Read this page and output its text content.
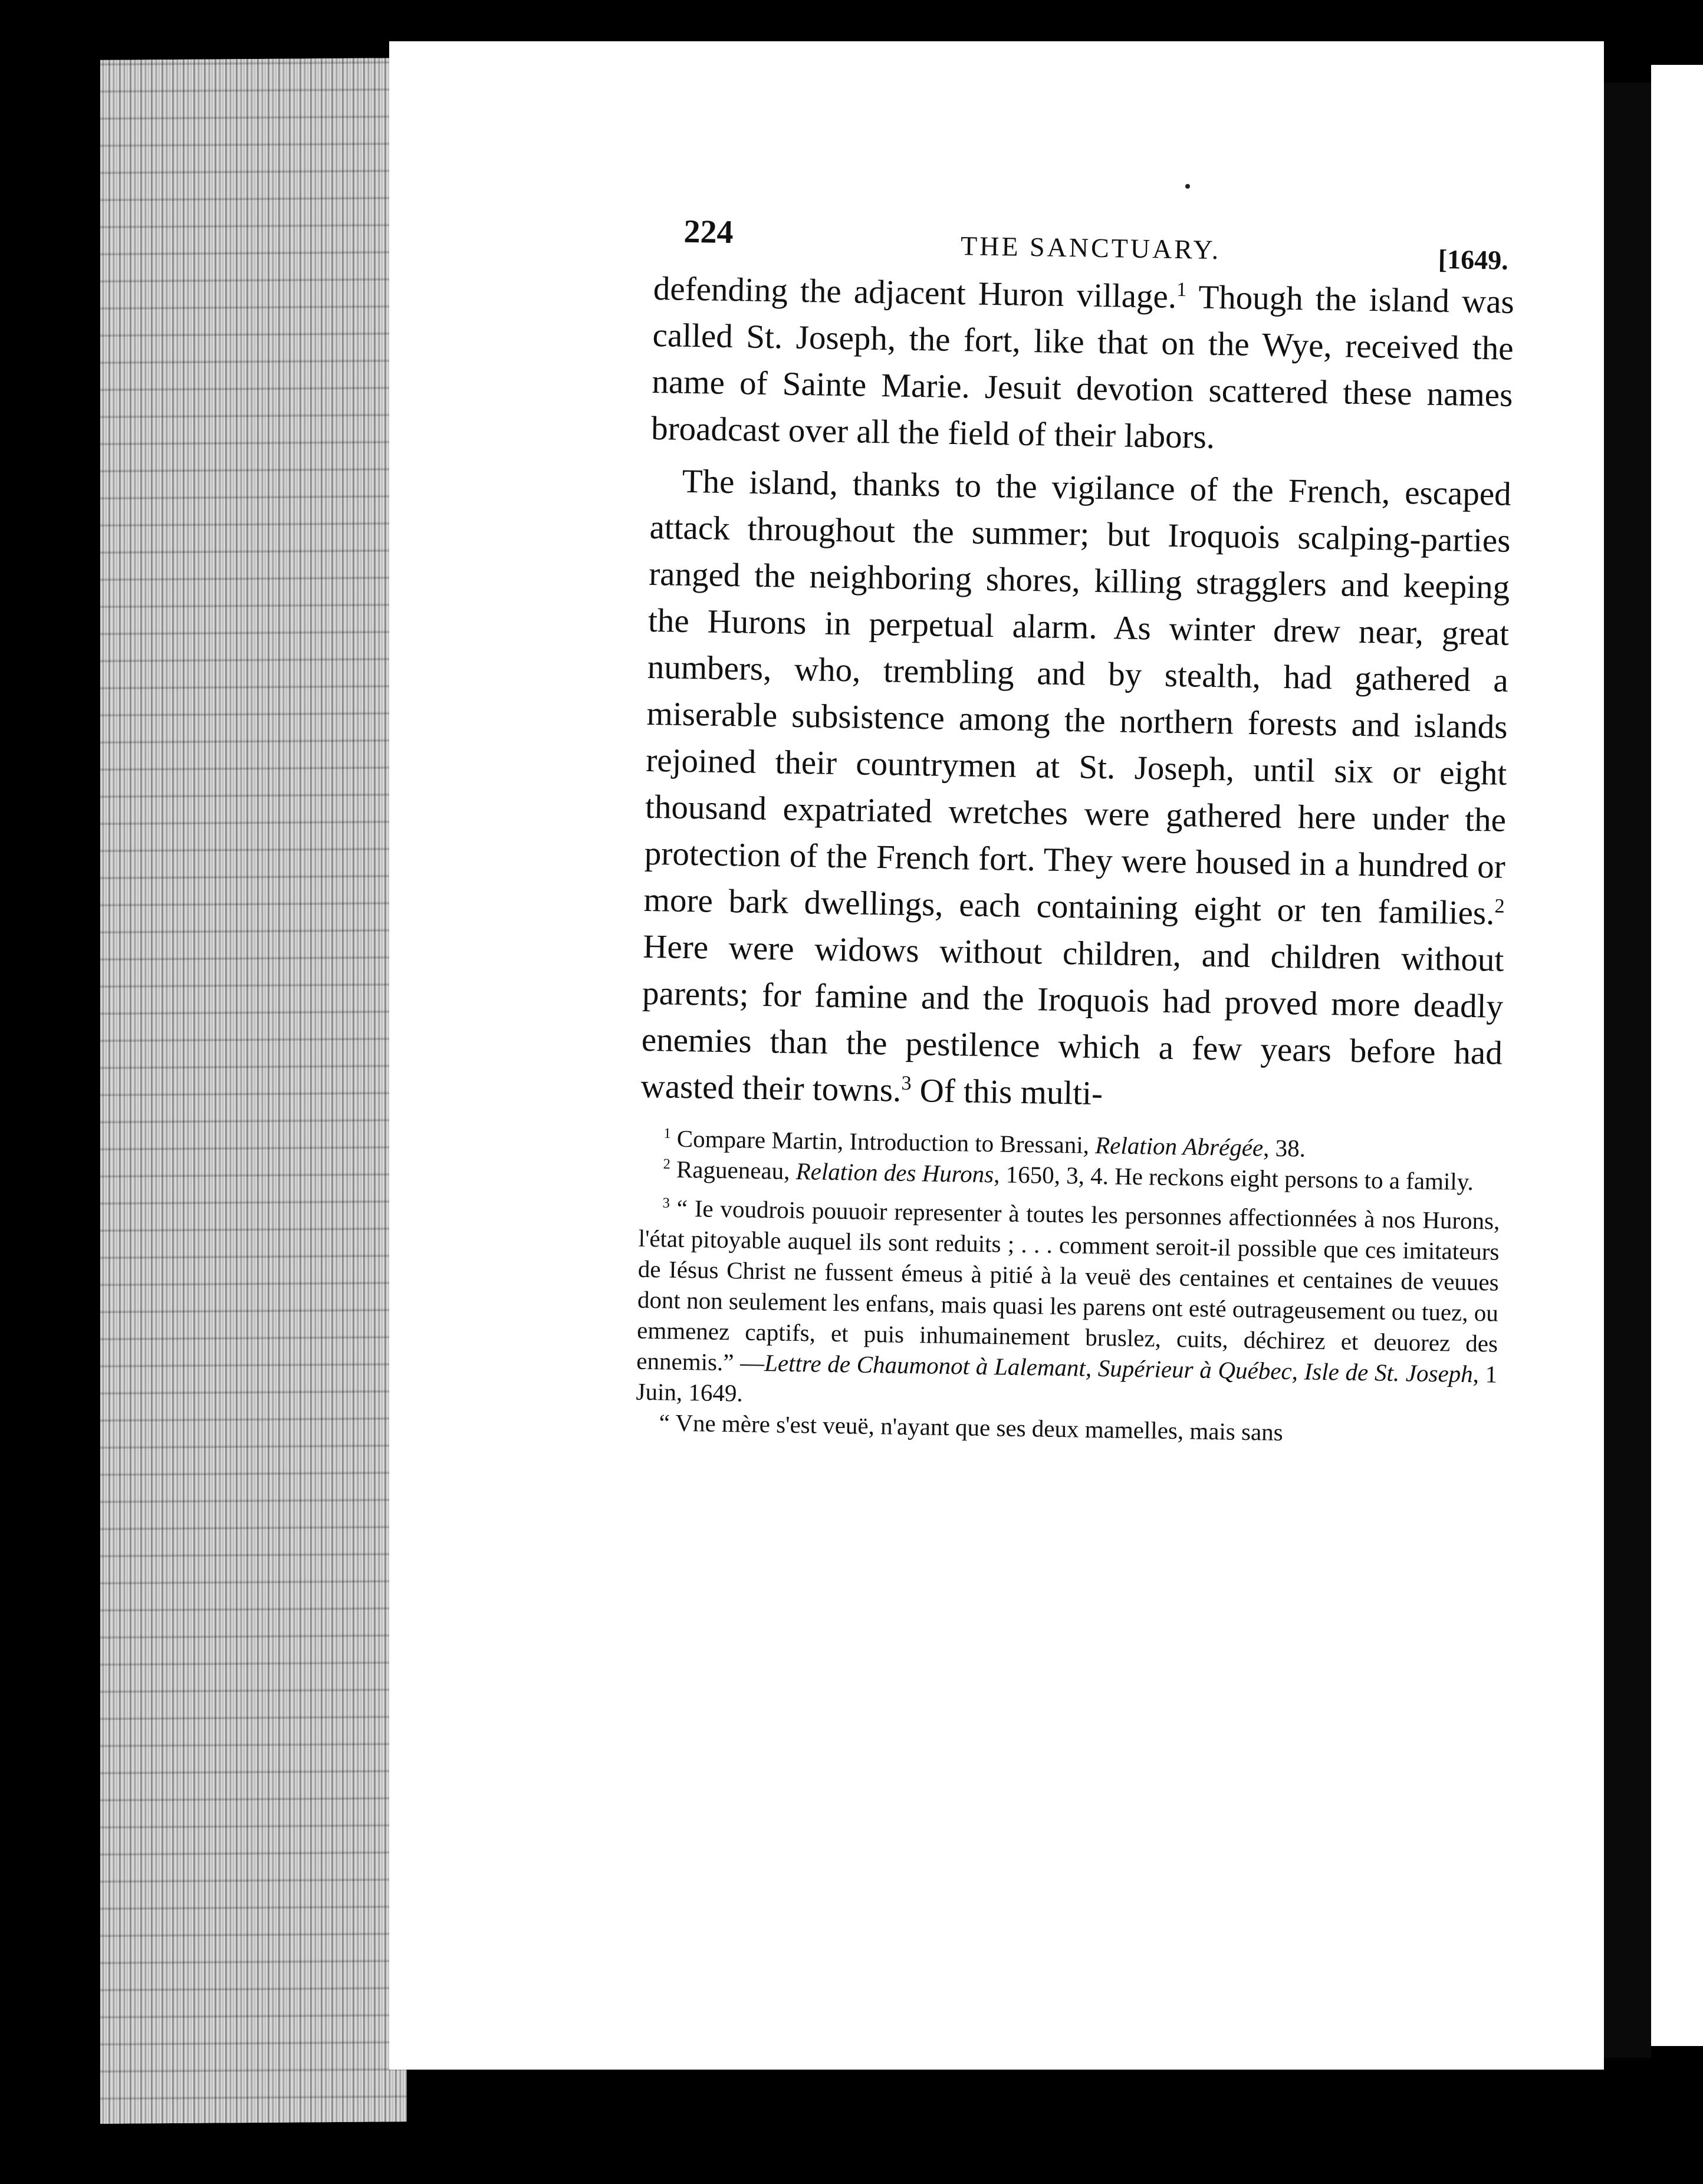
224	THE SANCTUARY.	[1649.

defending the adjacent Huron village.$^1$ Though the island was called St. Joseph, the fort, like that on the Wye, received the name of Sainte Marie. Jesuit devotion scattered these names broadcast over all the field of their labors.

The island, thanks to the vigilance of the French, escaped attack throughout the summer; but Iroquois scalping-parties ranged the neighboring shores, killing stragglers and keeping the Hurons in perpetual alarm. As winter drew near, great numbers, who, trembling and by stealth, had gathered a miserable subsistence among the northern forests and islands rejoined their countrymen at St. Joseph, until six or eight thousand expatriated wretches were gathered here under the protection of the French fort. They were housed in a hundred or more bark dwellings, each containing eight or ten families.$^2$ Here were widows without children, and children without parents; for famine and the Iroquois had proved more deadly enemies than the pestilence which a few years before had wasted their towns.$^3$ Of this multi-

$^1$ Compare Martin, Introduction to Bressani, Relation Abrégée, 38.

$^2$ Ragueneau, Relation des Hurons, 1650, 3, 4. He reckons eight persons to a family.

$^3$ “ Ie voudrois pouuoir representer à toutes les personnes affectionnées à nos Hurons, l'état pitoyable auquel ils sont reduits ; . . . comment seroit-il possible que ces imitateurs de Iésus Christ ne fussent émeus à pitié à la veuë des centaines et centaines de veuues dont non seulement les enfans, mais quasi les parens ont esté outrageusement ou tuez, ou emmenez captifs, et puis inhumainement bruslez, cuits, déchirez et deuorez des ennemis.” —Lettre de Chaumonot à Lalemant, Supérieur à Québec, Isle de St. Joseph, 1 Juin, 1649.

“ Vne mère s'est veuë, n'ayant que ses deux mamelles, mais sans
